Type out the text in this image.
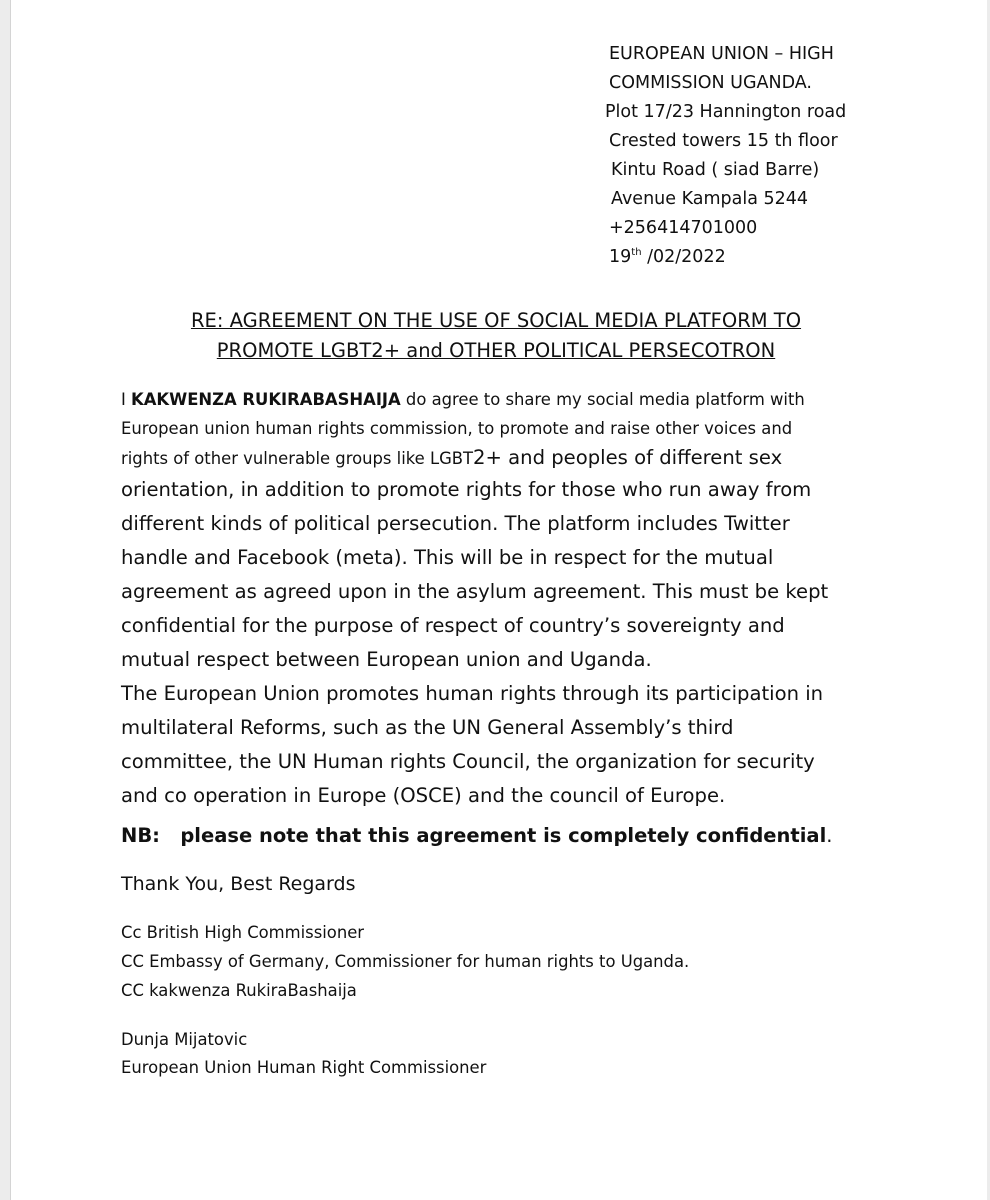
EUROPEAN UNION – HIGH
COMMISSION UGANDA.
Plot 17/23 Hannington road
Crested towers 15 th floor
Kintu Road ( siad Barre)
Avenue Kampala 5244
+256414701000
19th /02/2022
RE: AGREEMENT ON THE USE OF SOCIAL MEDIA PLATFORM TO
PROMOTE LGBT2+ and OTHER POLITICAL PERSECOTRON
I KAKWENZA RUKIRABASHAIJA do agree to share my social media platform with
European union human rights commission, to promote and raise other voices and
rights of other vulnerable groups like LGBT2+ and peoples of different sex
orientation, in addition to promote rights for those who run away from
different kinds of political persecution. The platform includes Twitter
handle and Facebook (meta). This will be in respect for the mutual
agreement as agreed upon in the asylum agreement. This must be kept
confidential for the purpose of respect of country’s sovereignty and
mutual respect between European union and Uganda.
The European Union promotes human rights through its participation in
multilateral Reforms, such as the UN General Assembly’s third
committee, the UN Human rights Council, the organization for security
and co operation in Europe (OSCE) and the council of Europe.
NB:   please note that this agreement is completely confidential.
Thank You, Best Regards
Cc British High Commissioner
CC Embassy of Germany, Commissioner for human rights to Uganda.
CC kakwenza RukiraBashaija
Dunja Mijatovic
European Union Human Right Commissioner
